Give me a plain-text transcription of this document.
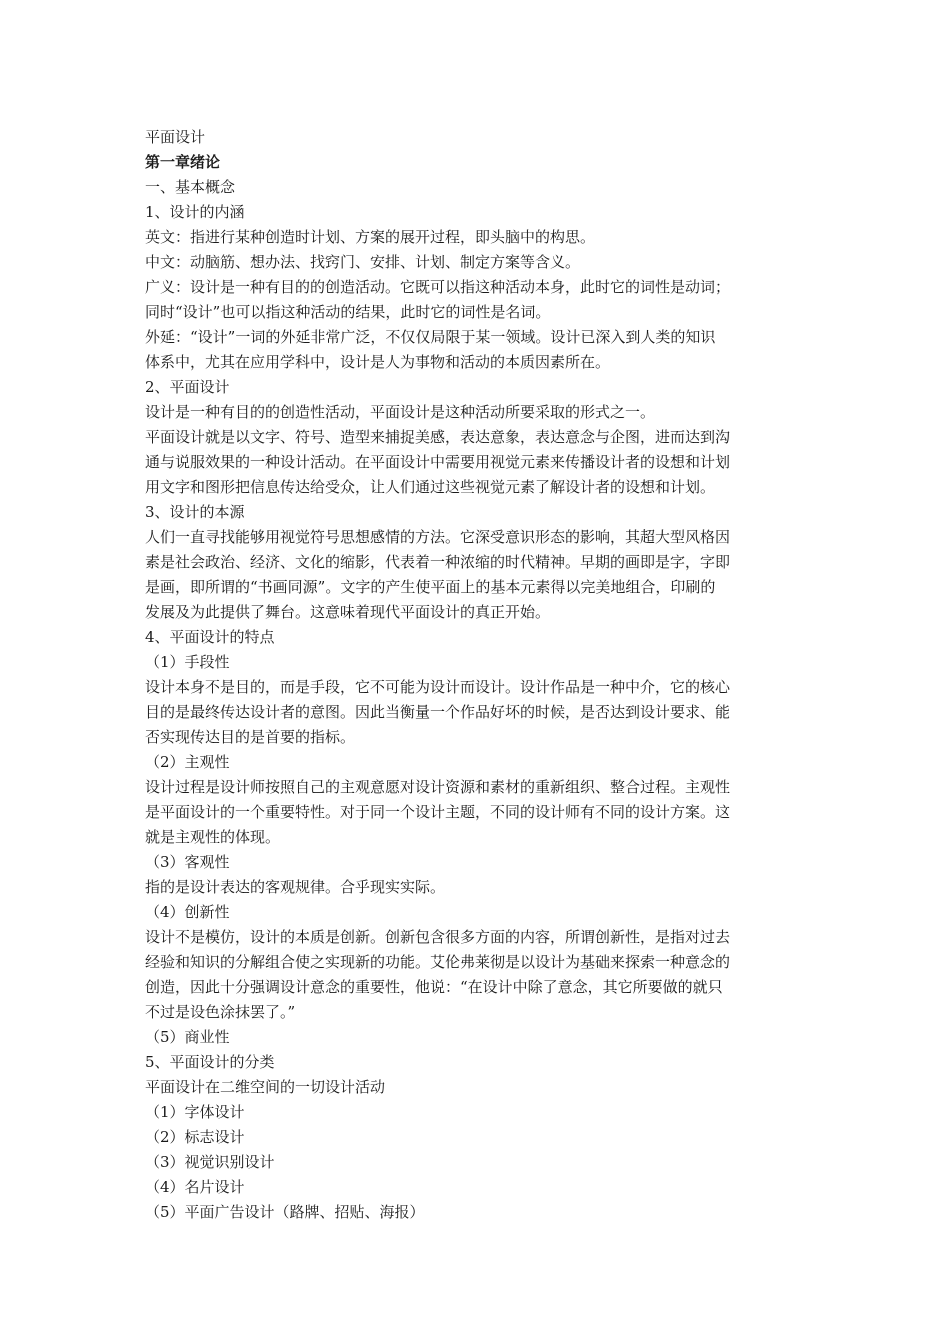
平面设计
第一章绪论
一、基本概念
1、设计的内涵
英文：指进行某种创造时计划、方案的展开过程，即头脑中的构思。
中文：动脑筋、想办法、找窍门、安排、计划、制定方案等含义。
广义：设计是一种有目的的创造活动。它既可以指这种活动本身，此时它的词性是动词；
同时“设计”也可以指这种活动的结果，此时它的词性是名词。
外延：“设计”一词的外延非常广泛，不仅仅局限于某一领域。设计已深入到人类的知识
体系中，尤其在应用学科中，设计是人为事物和活动的本质因素所在。
2、平面设计
设计是一种有目的的创造性活动，平面设计是这种活动所要采取的形式之一。
平面设计就是以文字、符号、造型来捕捉美感，表达意象，表达意念与企图，进而达到沟
通与说服效果的一种设计活动。在平面设计中需要用视觉元素来传播设计者的设想和计划
用文字和图形把信息传达给受众，让人们通过这些视觉元素了解设计者的设想和计划。
3、设计的本源
人们一直寻找能够用视觉符号思想感情的方法。它深受意识形态的影响，其超大型风格因
素是社会政治、经济、文化的缩影，代表着一种浓缩的时代精神。早期的画即是字，字即
是画，即所谓的“书画同源”。文字的产生使平面上的基本元素得以完美地组合，印刷的
发展及为此提供了舞台。这意味着现代平面设计的真正开始。
4、平面设计的特点
（1）手段性
设计本身不是目的，而是手段，它不可能为设计而设计。设计作品是一种中介，它的核心
目的是最终传达设计者的意图。因此当衡量一个作品好坏的时候，是否达到设计要求、能
否实现传达目的是首要的指标。
（2）主观性
设计过程是设计师按照自己的主观意愿对设计资源和素材的重新组织、整合过程。主观性
是平面设计的一个重要特性。对于同一个设计主题，不同的设计师有不同的设计方案。这
就是主观性的体现。
（3）客观性
指的是设计表达的客观规律。合乎现实实际。
（4）创新性
设计不是模仿，设计的本质是创新。创新包含很多方面的内容，所谓创新性，是指对过去
经验和知识的分解组合使之实现新的功能。艾伦弗莱彻是以设计为基础来探索一种意念的
创造，因此十分强调设计意念的重要性，他说：“在设计中除了意念，其它所要做的就只
不过是设色涂抹罢了。”
（5）商业性
5、平面设计的分类
平面设计在二维空间的一切设计活动
（1）字体设计
（2）标志设计
（3）视觉识别设计
（4）名片设计
（5）平面广告设计（路牌、招贴、海报）
